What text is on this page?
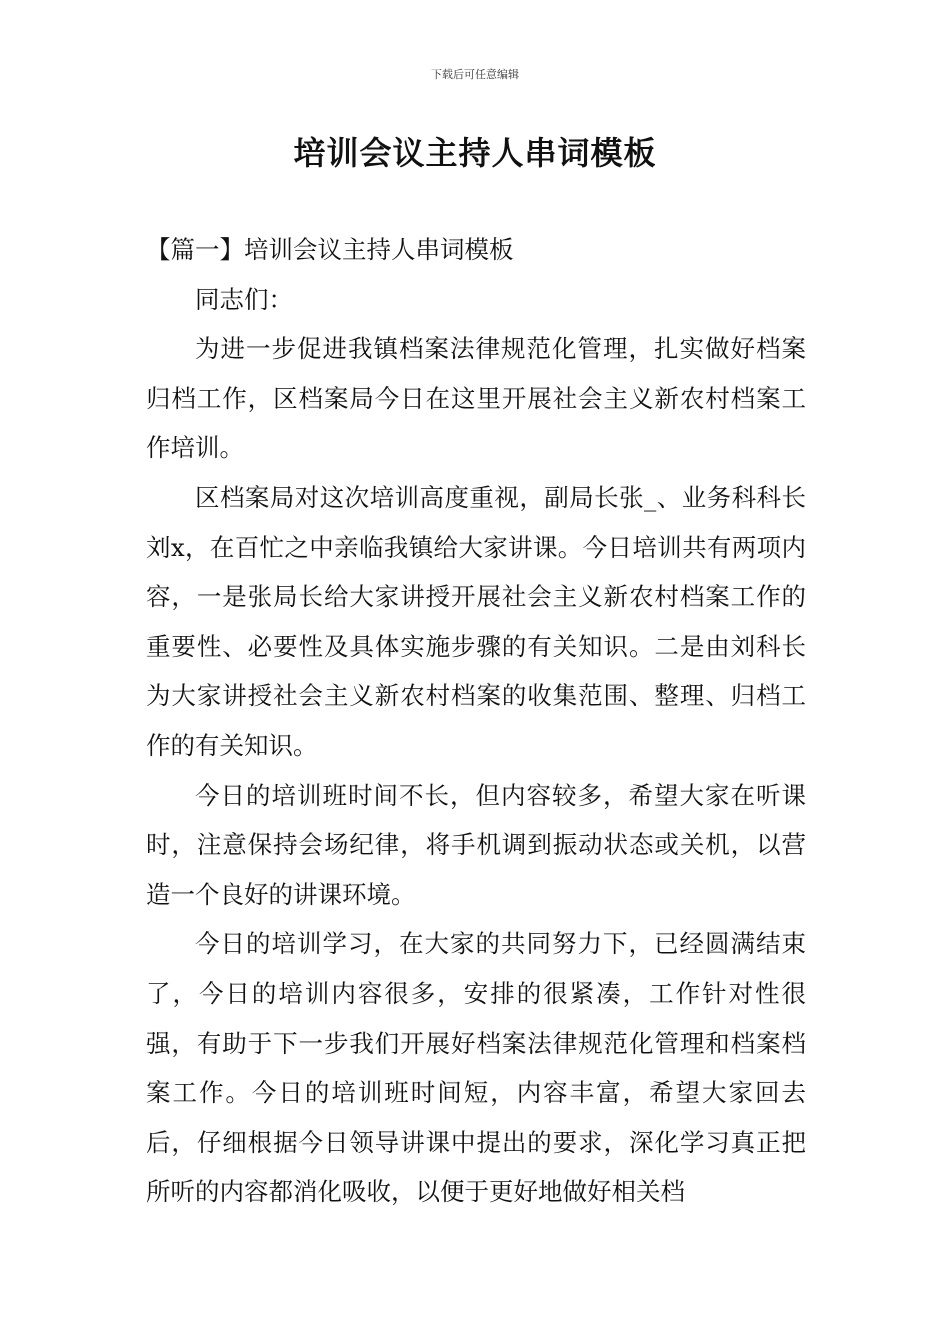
下载后可任意编辑
培训会议主持人串词模板

【篇一】培训会议主持人串词模板

同志们：

为进一步促进我镇档案法律规范化管理，扎实做好档案归档工作，区档案局今日在这里开展社会主义新农村档案工作培训。

区档案局对这次培训高度重视，副局长张_、业务科科长刘x，在百忙之中亲临我镇给大家讲课。今日培训共有两项内容，一是张局长给大家讲授开展社会主义新农村档案工作的重要性、必要性及具体实施步骤的有关知识。二是由刘科长为大家讲授社会主义新农村档案的收集范围、整理、归档工作的有关知识。

今日的培训班时间不长，但内容较多，希望大家在听课时，注意保持会场纪律，将手机调到振动状态或关机，以营造一个良好的讲课环境。

今日的培训学习，在大家的共同努力下，已经圆满结束了，今日的培训内容很多，安排的很紧凑，工作针对性很强，有助于下一步我们开展好档案法律规范化管理和档案档案工作。今日的培训班时间短，内容丰富，希望大家回去后，仔细根据今日领导讲课中提出的要求，深化学习真正把所听的内容都消化吸收，以便于更好地做好相关档
